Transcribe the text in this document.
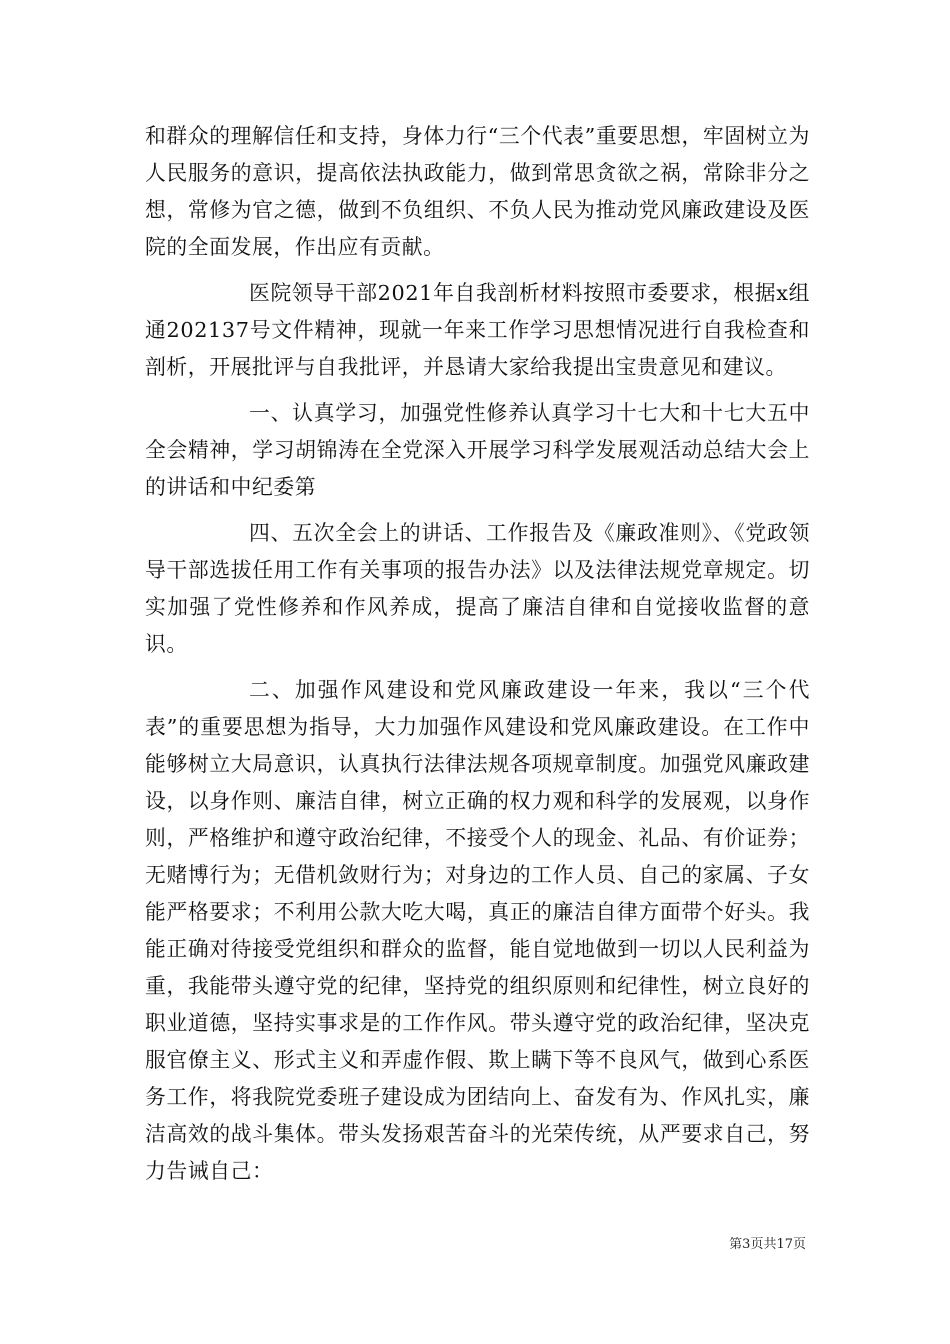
和群众的理解信任和支持，身体力行“三个代表”重要思想，牢固树立为人民服务的意识，提高依法执政能力，做到常思贪欲之祸，常除非分之想，常修为官之德，做到不负组织、不负人民为推动党风廉政建设及医院的全面发展，作出应有贡献。

医院领导干部2021年自我剖析材料按照市委要求，根据x组通202137号文件精神，现就一年来工作学习思想情况进行自我检查和剖析，开展批评与自我批评，并恳请大家给我提出宝贵意见和建议。

一、认真学习，加强党性修养认真学习十七大和十七大五中全会精神，学习胡锦涛在全党深入开展学习科学发展观活动总结大会上的讲话和中纪委第

四、五次全会上的讲话、工作报告及《廉政准则》、《党政领导干部选拔任用工作有关事项的报告办法》以及法律法规党章规定。切实加强了党性修养和作风养成，提高了廉洁自律和自觉接收监督的意识。

二、加强作风建设和党风廉政建设一年来，我以“三个代表”的重要思想为指导，大力加强作风建设和党风廉政建设。在工作中能够树立大局意识，认真执行法律法规各项规章制度。加强党风廉政建设，以身作则、廉洁自律，树立正确的权力观和科学的发展观，以身作则，严格维护和遵守政治纪律，不接受个人的现金、礼品、有价证券；无赌博行为；无借机敛财行为；对身边的工作人员、自己的家属、子女能严格要求；不利用公款大吃大喝，真正的廉洁自律方面带个好头。我能正确对待接受党组织和群众的监督，能自觉地做到一切以人民利益为重，我能带头遵守党的纪律，坚持党的组织原则和纪律性，树立良好的职业道德，坚持实事求是的工作作风。带头遵守党的政治纪律，坚决克服官僚主义、形式主义和弄虚作假、欺上瞒下等不良风气，做到心系医务工作，将我院党委班子建设成为团结向上、奋发有为、作风扎实，廉洁高效的战斗集体。带头发扬艰苦奋斗的光荣传统，从严要求自己，努力告诫自己：

第3页共17页
